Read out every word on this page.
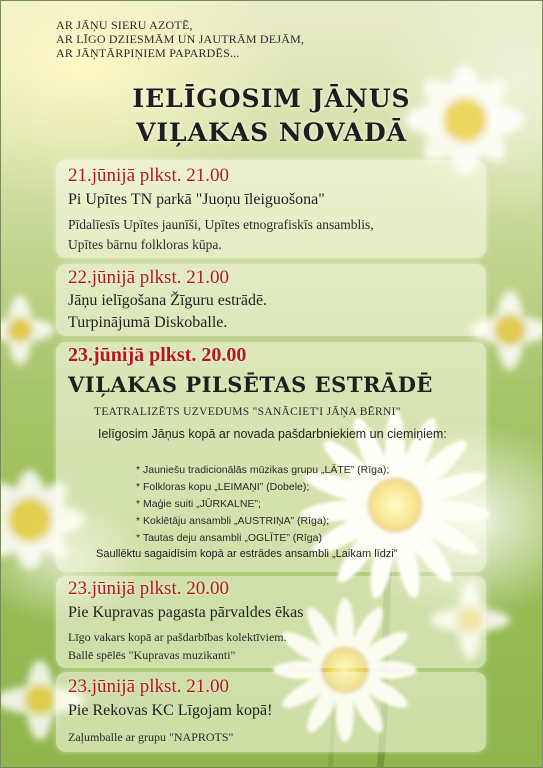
AR JĀŅU SIERU AZOTĒ,
AR LĪGO DZIESMĀM UN JAUTRĀM DEJĀM,
AR JĀŅTĀRPIŅIEM PAPARDĒS...
IELĪGOSIM JĀŅUS
VIĻAKAS NOVADĀ
21.jūnijā plkst. 21.00
Pi Upītes TN parkā "Juoņu īleiguošona"
Pīdalīesīs Upītes jaunīši, Upītes etnografiskīs ansamblis,
Upītes bārnu folkloras kūpa.
22.jūnijā plkst. 21.00
Jāņu ielīgošana Žīguru estrādē.
Turpinājumā Diskoballe.
23.jūnijā plkst. 20.00
VIĻAKAS PILSĒTAS ESTRĀDĒ
TEATRALIZĒTS UZVEDUMS "SANĀCIET'I JĀŅA BĒRNI"
Ielīgosim Jāņus kopā ar novada pašdarbniekiem un ciemiņiem:
* Jauniešu tradicionālās mūzikas grupu „LĀTE” (Rīga);
* Folkloras kopu „LEIMAŅI” (Dobele);
* Maģie suiti „JŪRKALNE”;
* Koklētāju ansambli „AUSTRIŅA” (Rīga);
* Tautas deju ansambli „OGLĪTE” (Rīga)
Saullēktu sagaidīsim kopā ar estrādes ansambli „Laikam līdzi”
23.jūnijā plkst. 20.00
Pie Kupravas pagasta pārvaldes ēkas
Līgo vakars kopā ar pašdarbības kolektīviem.
Ballē spēlēs "Kupravas muzikanti"
23.jūnijā plkst. 21.00
Pie Rekovas KC Līgojam kopā!
Zaļumballe ar grupu "NAPROTS"
